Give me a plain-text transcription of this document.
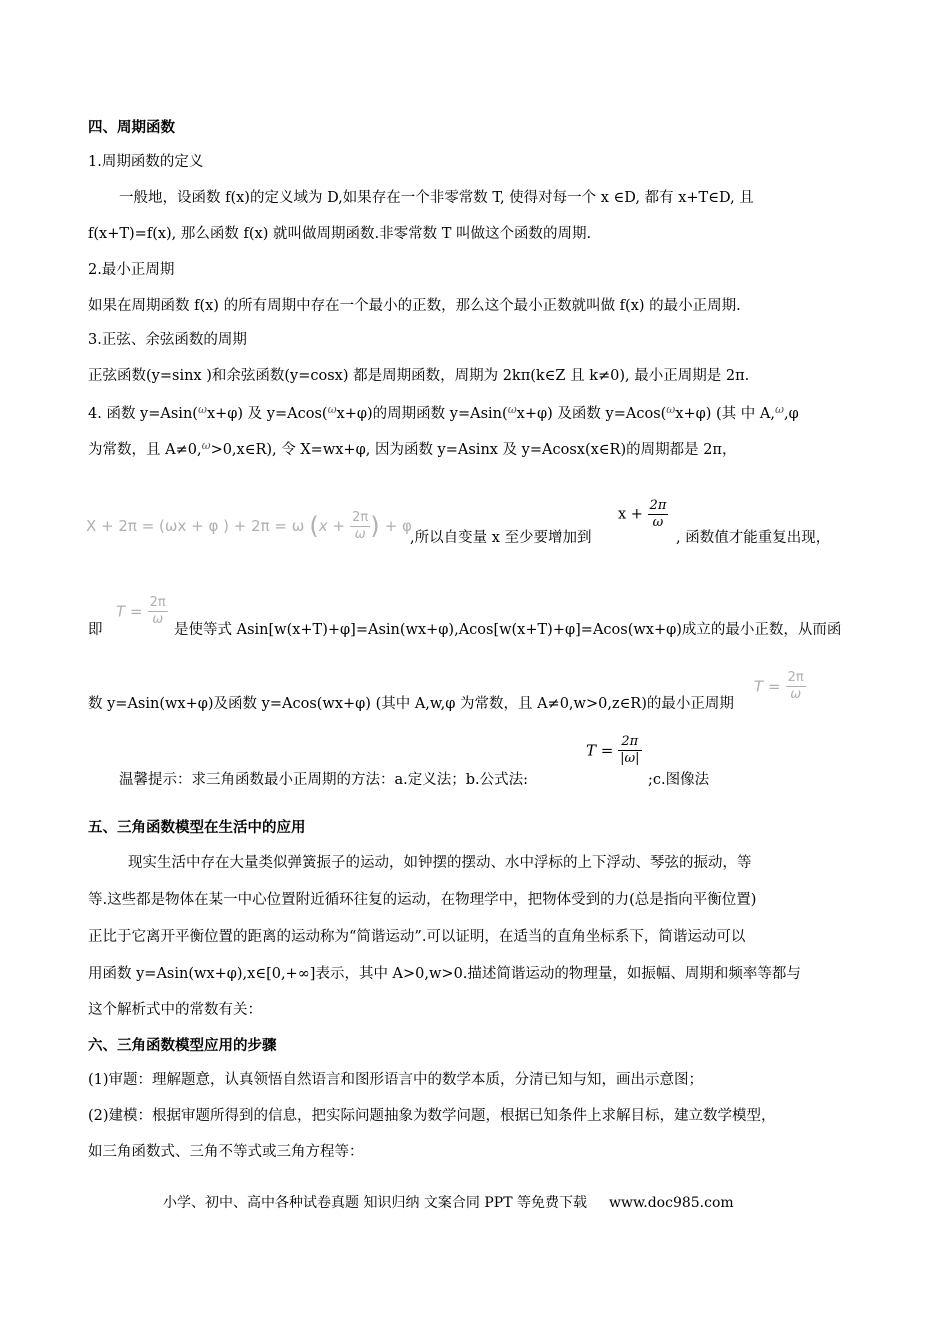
四、周期函数
1.周期函数的定义
一般地，设函数 f(x)的定义域为 D,如果存在一个非零常数 T, 使得对每一个 x ∈D, 都有 x+T∈D, 且
f(x+T)=f(x), 那么函数 f(x) 就叫做周期函数.非零常数 T 叫做这个函数的周期.
2.最小正周期
如果在周期函数 f(x) 的所有周期中存在一个最小的正数，那么这个最小正数就叫做 f(x) 的最小正周期.
3.正弦、余弦函数的周期
正弦函数(y=sinx )和余弦函数(y=cosx) 都是周期函数，周期为 2kπ(k∈Z 且 k≠0), 最小正周期是 2π.
4. 函数 y=Asin($^\omega$x+φ) 及 y=Acos($^\omega$x+φ)的周期函数 y=Asin($^\omega$x+φ) 及函数 y=Acos($^\omega$x+φ) (其 中 A,$^\omega$,φ
为常数，且 A≠0,$^\omega$>0,x∈R), 令 X=wx+φ, 因为函数 y=Asinx 及 y=Acosx(x∈R)的周期都是 2π，
X + 2π = (ωx + φ ) + 2π = ω ($x + \frac{2\pi}{\omega}$ ) + φ
,所以自变量 x 至少要增加到
$x + \frac{2\pi}{\omega}$
, 函数值才能重复出现，
即
$T = \frac{2\pi}{\omega}$
是使等式 Asin[w(x+T)+φ]=Asin(wx+φ),Acos[w(x+T)+φ]=Acos(wx+φ)成立的最小正数，从而函
数 y=Asin(wx+φ)及函数 y=Acos(wx+φ) (其中 A,w,φ 为常数，且 A≠0,w>0,z∈R)的最小正周期
$T = \frac{2\pi}{\omega}$
温馨提示：求三角函数最小正周期的方法：a.定义法；b.公式法:
$T = \frac{2\pi}{|\omega|}$
;c.图像法
五、三角函数模型在生活中的应用
现实生活中存在大量类似弹簧振子的运动，如钟摆的摆动、水中浮标的上下浮动、琴弦的振动，等
等.这些都是物体在某一中心位置附近循环往复的运动，在物理学中，把物体受到的力(总是指向平衡位置)
正比于它离开平衡位置的距离的运动称为“简谐运动”.可以证明，在适当的直角坐标系下，简谐运动可以
用函数 y=Asin(wx+φ),x∈[0,+∞]表示，其中 A>0,w>0.描述简谐运动的物理量，如振幅、周期和频率等都与
这个解析式中的常数有关：
六、三角函数模型应用的步骤
(1)审题：理解题意，认真领悟自然语言和图形语言中的数学本质，分清已知与知，画出示意图；
(2)建模：根据审题所得到的信息，把实际问题抽象为数学问题，根据已知条件上求解目标，建立数学模型，
如三角函数式、三角不等式或三角方程等：
小学、初中、高中各种试卷真题 知识归纳 文案合同 PPT 等免费下载 www.doc985.com
